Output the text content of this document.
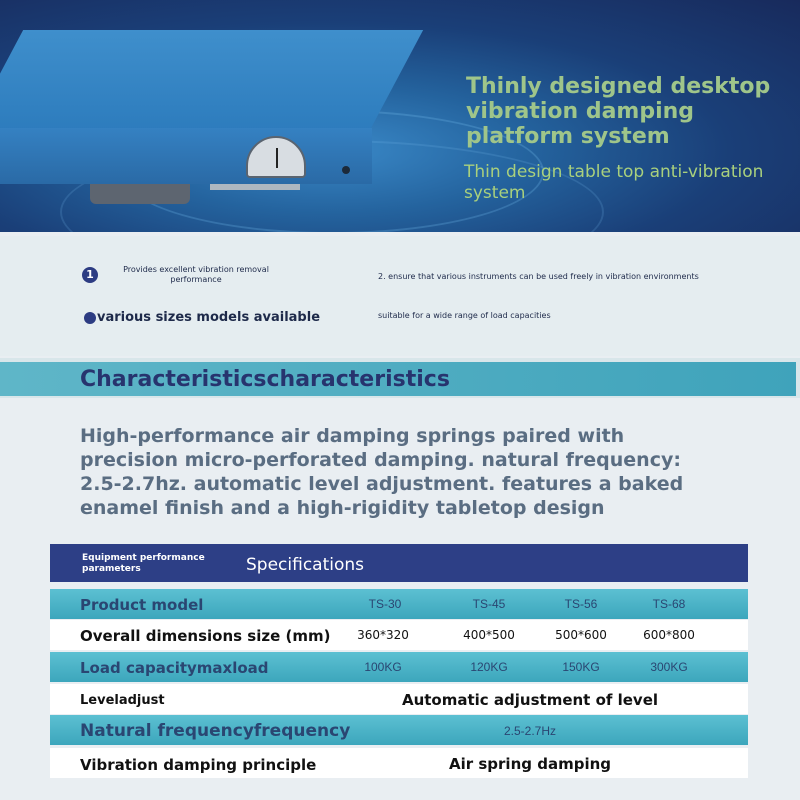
Thinly designed desktop vibration damping platform system
Thin design table top anti-vibration system
1	Provides excellent vibration removal performance	2. ensure that various instruments can be used freely in vibration environments
various sizes models available	suitable for a wide range of load capacities
Characteristicscharacteristics
High-performance air damping springs paired with precision micro-perforated damping. natural frequency: 2.5-2.7hz. automatic level adjustment. features a baked enamel finish and a high-rigidity tabletop design
Equipment performance parameters	Specifications
Product model	TS-30	TS-45	TS-56	TS-68
Overall dimensions size (mm)	360*320	400*500	500*600	600*800
Load capacitymaxload	100KG	120KG	150KG	300KG
Leveladjust	Automatic adjustment of level
Natural frequencyfrequency	2.5-2.7Hz
Vibration damping principle	Air spring damping
